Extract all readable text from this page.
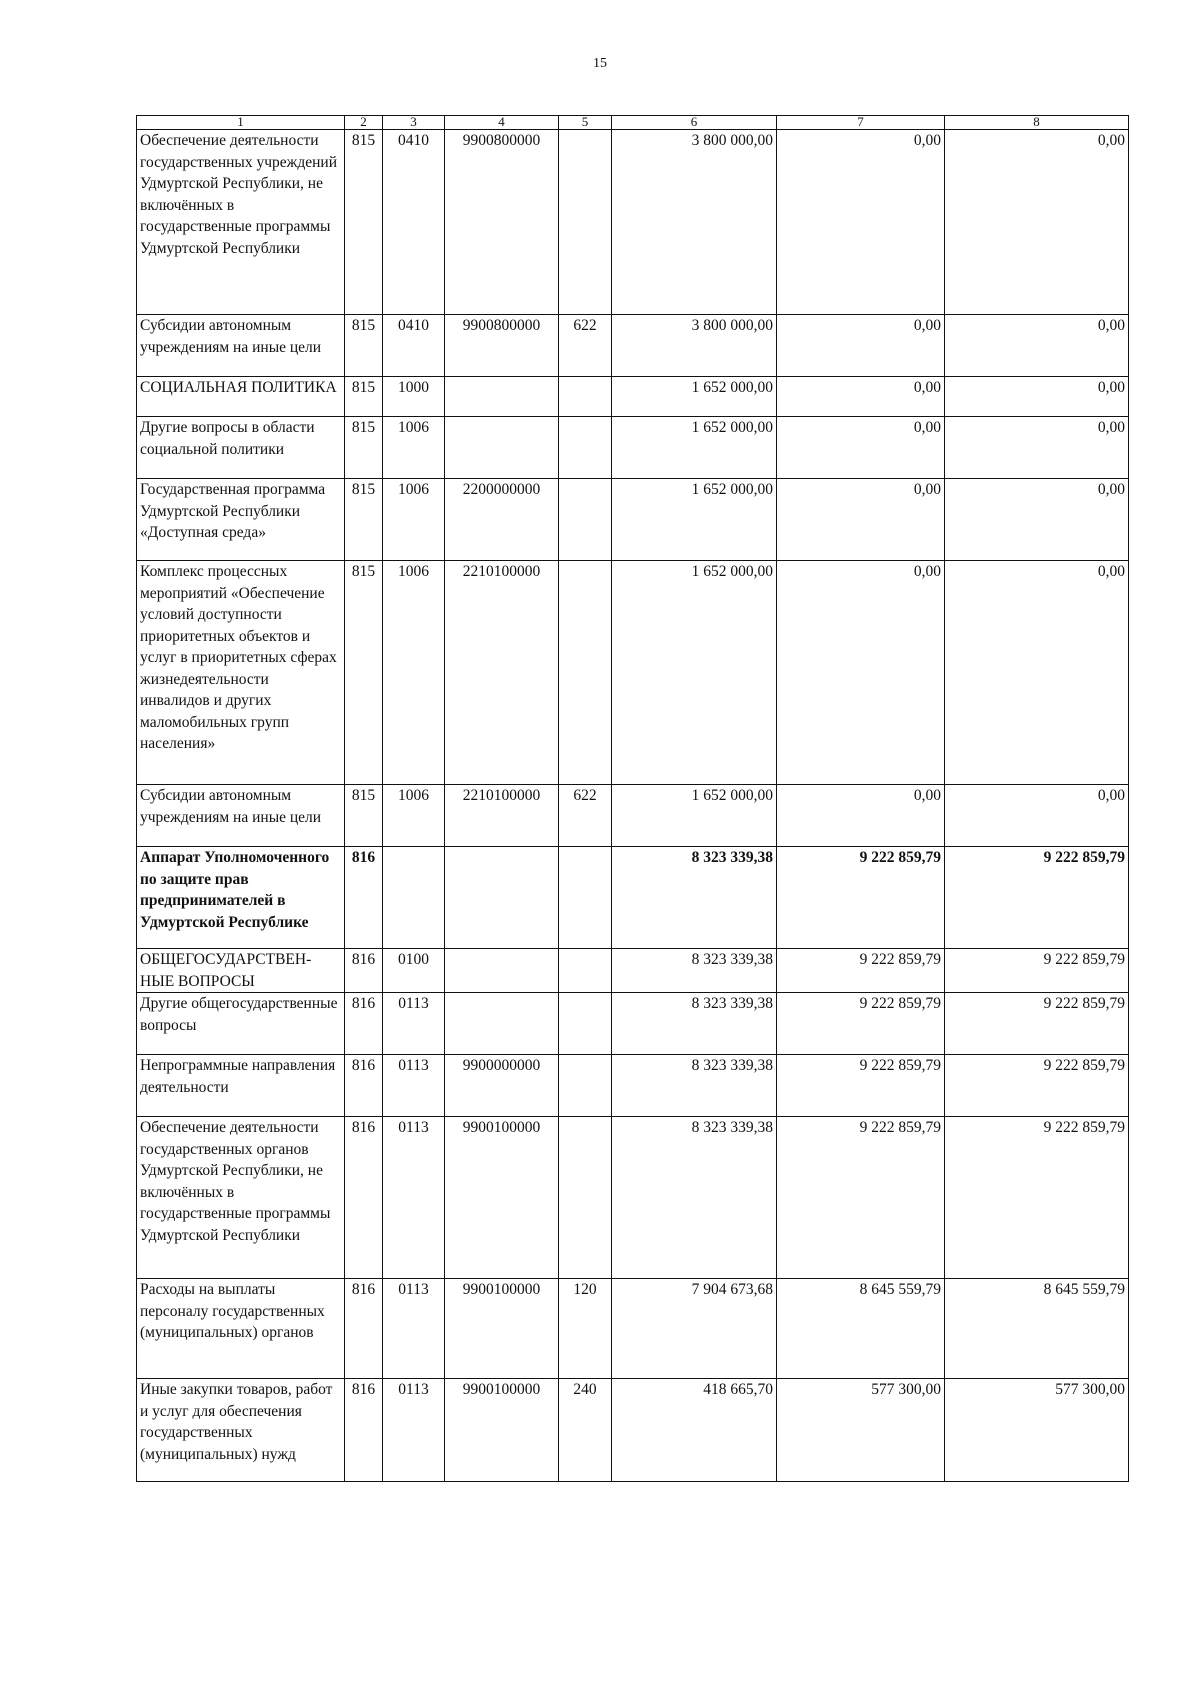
15
1	2	3	4	5	6	7	8
Обеспечение деятельности государственных учреждений Удмуртской Республики, не включённых в государственные программы Удмуртской Республики	815	0410	9900800000		3 800 000,00	0,00	0,00
Субсидии автономным учреждениям на иные цели	815	0410	9900800000	622	3 800 000,00	0,00	0,00
СОЦИАЛЬНАЯ ПОЛИТИКА	815	1000			1 652 000,00	0,00	0,00
Другие вопросы в области социальной политики	815	1006			1 652 000,00	0,00	0,00
Государственная программа Удмуртской Республики «Доступная среда»	815	1006	2200000000		1 652 000,00	0,00	0,00
Комплекс процессных мероприятий «Обеспечение условий доступности приоритетных объектов и услуг в приоритетных сферах жизнедеятельности инвалидов и других маломобильных групп населения»	815	1006	2210100000		1 652 000,00	0,00	0,00
Субсидии автономным учреждениям на иные цели	815	1006	2210100000	622	1 652 000,00	0,00	0,00
Аппарат Уполномоченного по защите прав предпринимателей в Удмуртской Республике	816				8 323 339,38	9 222 859,79	9 222 859,79
ОБЩЕГОСУДАРСТВЕН-НЫЕ ВОПРОСЫ	816	0100			8 323 339,38	9 222 859,79	9 222 859,79
Другие общегосударственные вопросы	816	0113			8 323 339,38	9 222 859,79	9 222 859,79
Непрограммные направления деятельности	816	0113	9900000000		8 323 339,38	9 222 859,79	9 222 859,79
Обеспечение деятельности государственных органов Удмуртской Республики, не включённых в государственные программы Удмуртской Республики	816	0113	9900100000		8 323 339,38	9 222 859,79	9 222 859,79
Расходы на выплаты персоналу государственных (муниципальных) органов	816	0113	9900100000	120	7 904 673,68	8 645 559,79	8 645 559,79
Иные закупки товаров, работ и услуг для обеспечения государственных (муниципальных) нужд	816	0113	9900100000	240	418 665,70	577 300,00	577 300,00
